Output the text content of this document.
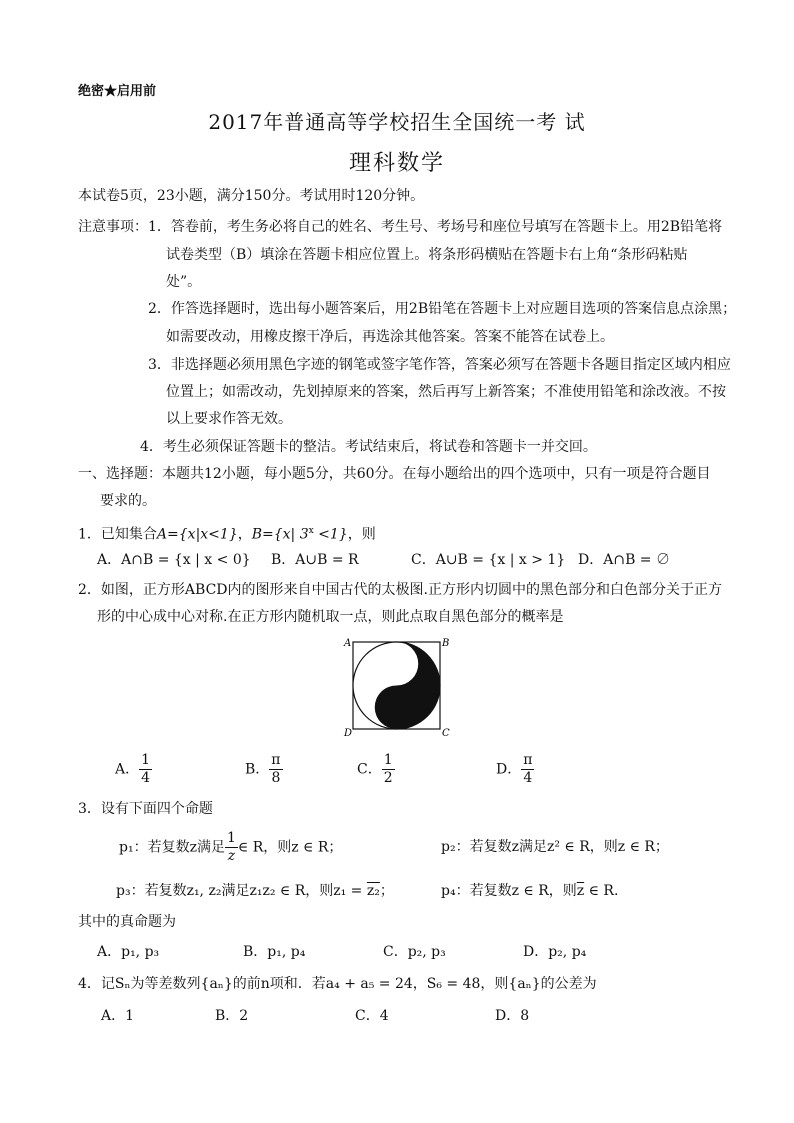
绝密★启用前
2017年普通高等学校招生全国统一考 试
理科数学
本试卷5页，23小题，满分150分。考试用时120分钟。
注意事项： 1．答卷前，考生务必将自己的姓名、考生号、考场号和座位号填写在答题卡上。用2B铅笔将
试卷类型（B）填涂在答题卡相应位置上。将条形码横贴在答题卡右上角“条形码粘贴
处”。
2．作答选择题时，选出每小题答案后，用2B铅笔在答题卡上对应题目选项的答案信息点涂黑；
如需要改动，用橡皮擦干净后，再选涂其他答案。答案不能答在试卷上。
3．非选择题必须用黑色字迹的钢笔或签字笔作答，答案必须写在答题卡各题目指定区域内相应
位置上；如需改动，先划掉原来的答案，然后再写上新答案；不准使用铅笔和涂改液。不按
以上要求作答无效。
4．考生必须保证答题卡的整洁。考试结束后，将试卷和答题卡一并交回。
一、选择题：本题共12小题，每小题5分，共60分。在每小题给出的四个选项中，只有一项是符合题目
要求的。
1．已知集合A={x|x<1}，B={x| $3^x <1$}，则
A．A∩B = {x | x < 0} B．A∪B = R	C．A∪B = {x | x > 1} D．A∩B = ∅
2．如图，正方形ABCD内的图形来自中国古代的太极图.正方形内切圆中的黑色部分和白色部分关于正方
形的中心成中心对称.在正方形内随机取一点，则此点取自黑色部分的概率是
A	B
C
D
A． $\frac{1}{4}$	B． $\frac{\pi}{8}$	C． $\frac{1}{2}$	D． $\frac{\pi}{4}$
3．设有下面四个命题
p₁：若复数z满足 $\frac{1}{z}$ ∈ R，则z ∈ R；	p₂：若复数z满足z² ∈ R，则z ∈ R；
p₃：若复数z₁, z₂满足z₁z₂ ∈ R，则z₁ = z₂；	p₄：若复数z ∈ R，则$\overline{z}$ ∈ R.
其中的真命题为
A．p₁, p₃	B．p₁, p₄	C．p₂, p₃	D．p₂, p₄
4．记Sₙ为等差数列{aₙ}的前n项和．若a₄ + a₅ = 24，S₆ = 48，则{aₙ}的公差为
A．1	B．2	C．4	D．8
